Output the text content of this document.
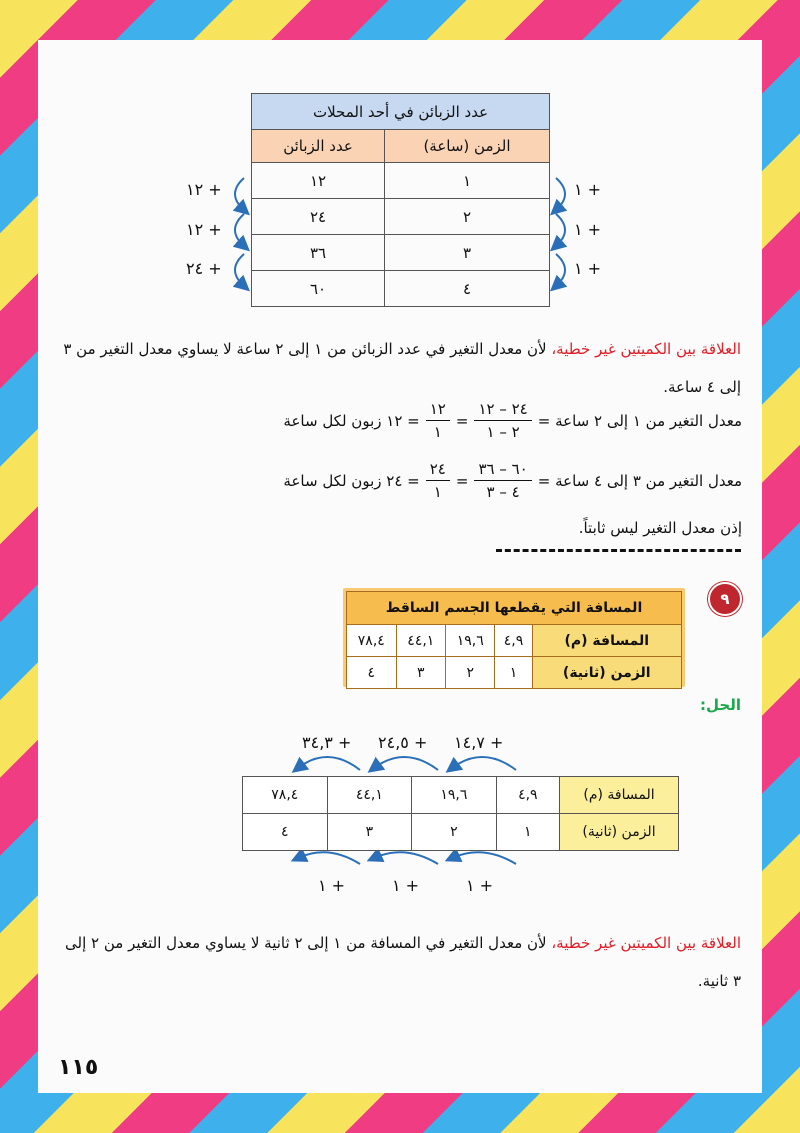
عدد الزبائن في أحد المحلات	
عدد الزبائن	الزمن (ساعة)
١٢	١
٢٤	٢
٣٦	٣
٦٠	٤
+ ١٢
+ ١٢
+ ٢٤
+ ١
+ ١
+ ١

العلاقة بين الكميتين غير خطية، لأن معدل التغير في عدد الزبائن من ١ إلى ٢ ساعة لا يساوي معدل التغير من ٣ إلى ٤ ساعة.

معدل التغير من ١ إلى ٢ ساعة =
$\frac{٢٤ - ١٢}{٢ - ١}$
=
$\frac{١٢}{١}$
= ١٢ زبون لكل ساعة
معدل التغير من ٣ إلى ٤ ساعة =
$\frac{٦٠ - ٣٦}{٤ - ٣}$
=
$\frac{٢٤}{١}$
= ٢٤ زبون لكل ساعة
إذن معدل التغير ليس ثابتاً.
٩
المسافة التي يقطعها الجسم الساقط				
المسافة (م)	٤,٩	١٩,٦	٤٤,١	٧٨,٤
الزمن (ثانية)	١	٢	٣	٤
الحل:
+ ١٤,٧
+ ٢٤,٥
+ ٣٤,٣
المسافة (م)	٤,٩	١٩,٦	٤٤,١	٧٨,٤
الزمن (ثانية)	١	٢	٣	٤
+ ١
+ ١
+ ١

العلاقة بين الكميتين غير خطية، لأن معدل التغير في المسافة من ١ إلى ٢ ثانية لا يساوي معدل التغير من ٢ إلى ٣ ثانية.

١١٥
